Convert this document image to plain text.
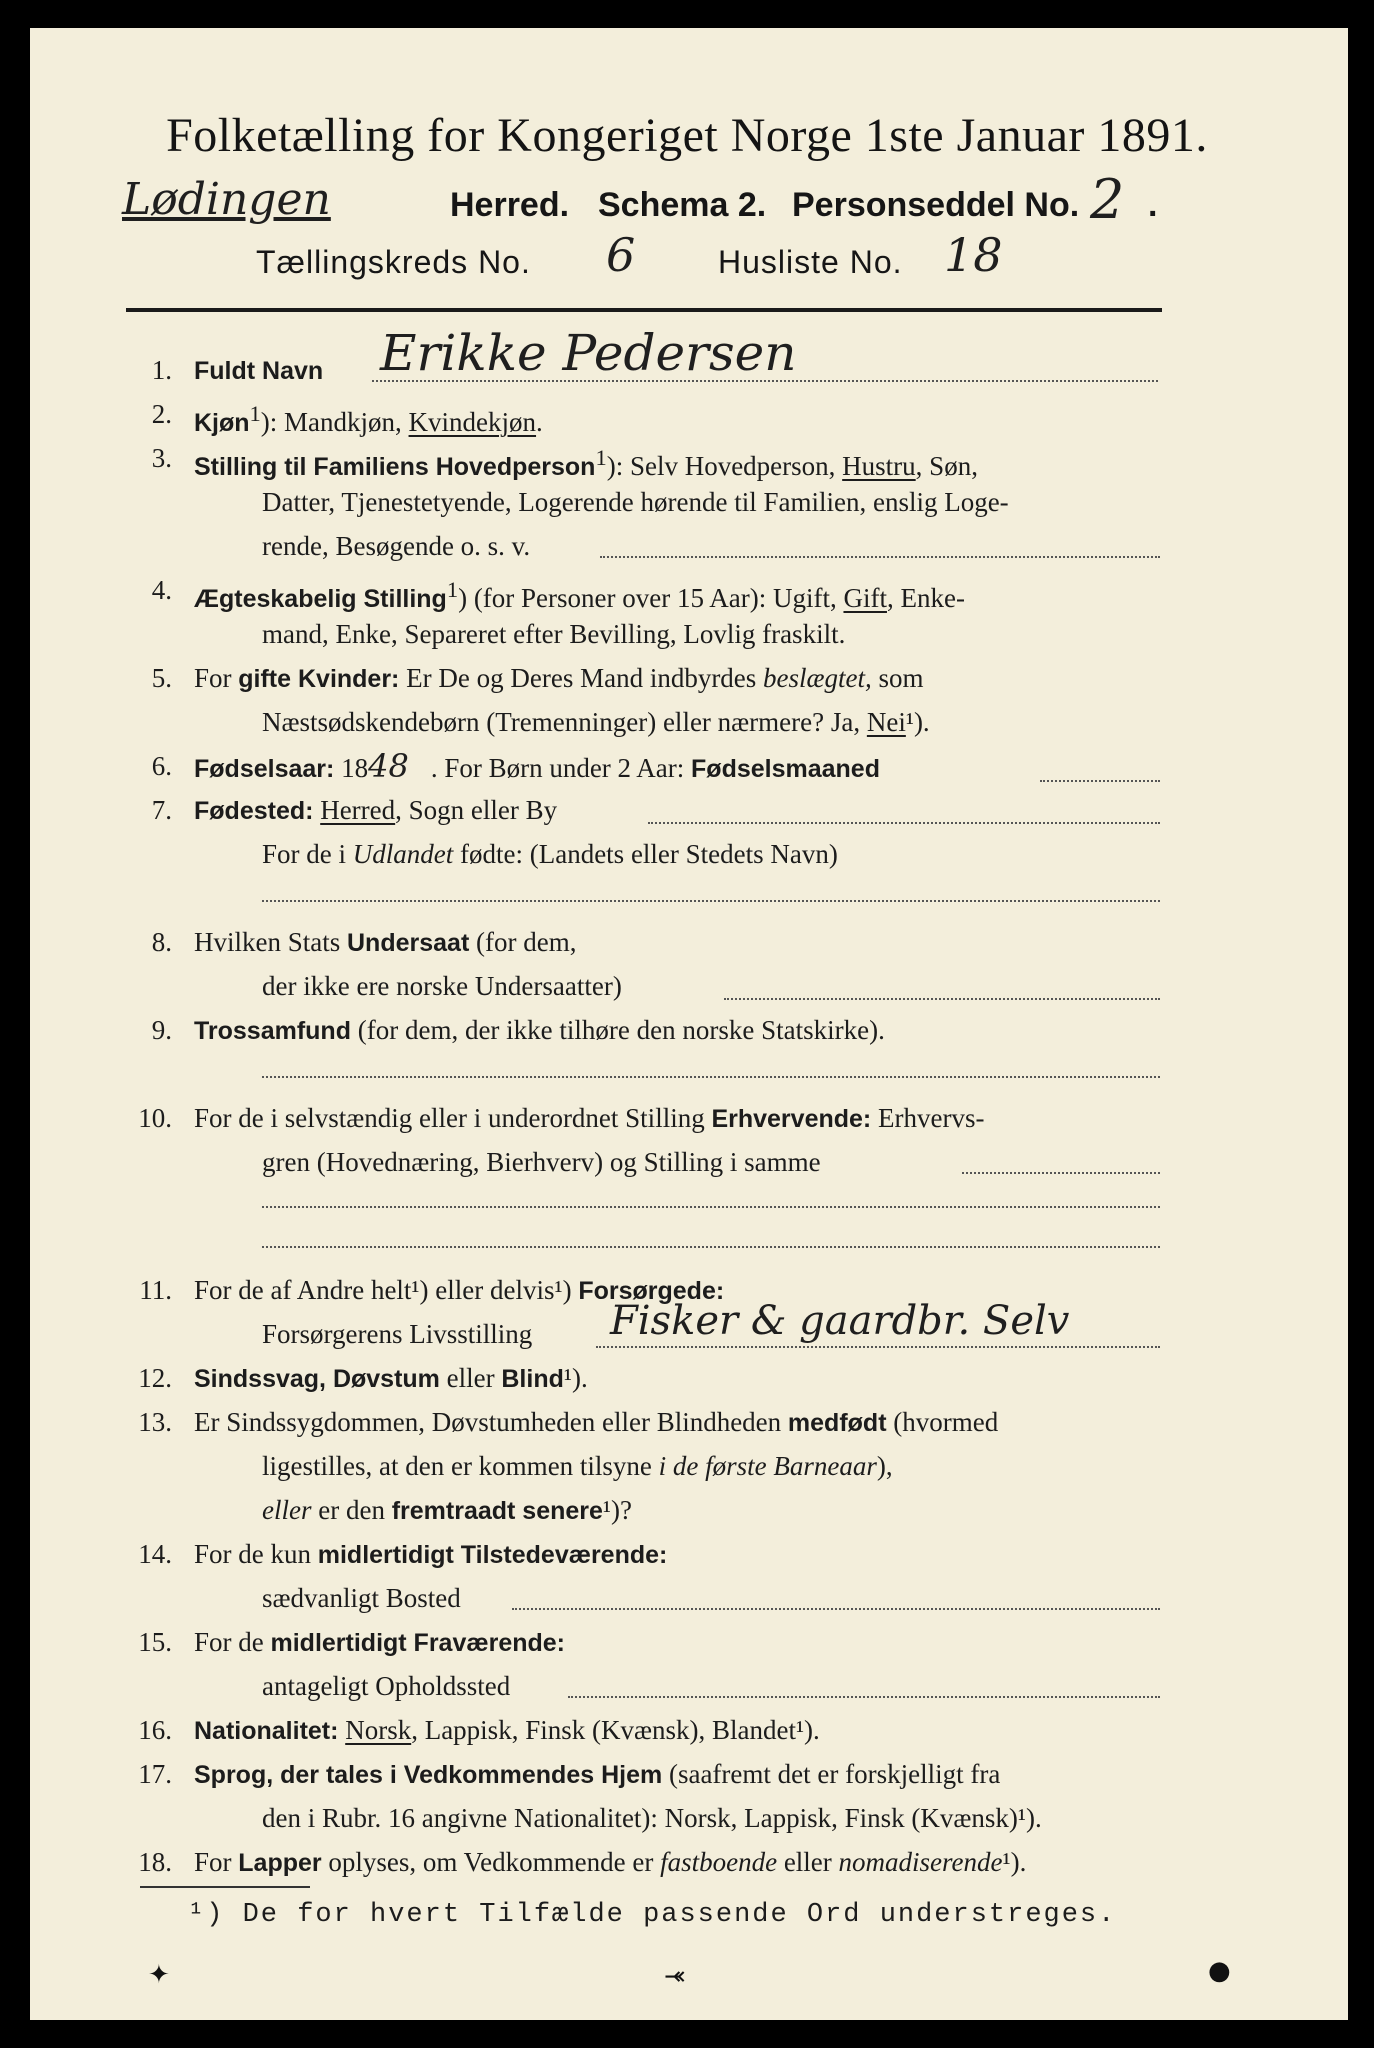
Folketælling for Kongeriget Norge 1ste Januar 1891.
Lødingen	Herred. Schema 2. Personseddel No. 2 .
Tællingskreds No. 6	Husliste No. 18
1. Fuldt Navn Erikke Pedersen
2. Kjøn$^1$): Mandkjøn, Kvindekjøn.
3. Stilling til Familiens Hovedperson$^1$): Selv Hovedperson, Hustru, Søn,
Datter, Tjenestetyende, Logerende hørende til Familien, enslig Loge-
rende, Besøgende o. s. v.
4. Ægteskabelig Stilling$^1$) (for Personer over 15 Aar): Ugift, Gift, Enke-
mand, Enke, Separeret efter Bevilling, Lovlig fraskilt.
5. For gifte Kvinder: Er De og Deres Mand indbyrdes beslægtet, som
Næstsødskendebørn (Tremenninger) eller nærmere? Ja, Nei¹).
6. Fødselsaar: 1848 . For Børn under 2 Aar: Fødselsmaaned
7. Fødested: Herred, Sogn eller By
For de i Udlandet fødte: (Landets eller Stedets Navn)
8. Hvilken Stats Undersaat (for dem,
der ikke ere norske Undersaatter)
9. Trossamfund (for dem, der ikke tilhøre den norske Statskirke).
10. For de i selvstændig eller i underordnet Stilling Erhvervende: Erhvervs-
gren (Hovednæring, Bierhverv) og Stilling i samme
11. For de af Andre helt¹) eller delvis¹) Forsørgede:
Forsørgerens Livsstilling Fisker & gaardbr. Selv
12. Sindssvag, Døvstum eller Blind¹).
13. Er Sindssygdommen, Døvstumheden eller Blindheden medfødt (hvormed
ligestilles, at den er kommen tilsyne i de første Barneaar),
eller er den fremtraadt senere¹)?
14. For de kun midlertidigt Tilstedeværende:
sædvanligt Bosted
15. For de midlertidigt Fraværende:
antageligt Opholdssted
16. Nationalitet: Norsk, Lappisk, Finsk (Kvænsk), Blandet¹).
17. Sprog, der tales i Vedkommendes Hjem (saafremt det er forskjelligt fra
den i Rubr. 16 angivne Nationalitet): Norsk, Lappisk, Finsk (Kvænsk)¹).
18. For Lapper oplyses, om Vedkommende er fastboende eller nomadiserende¹).
¹) De for hvert Tilfælde passende Ord understreges.
✦	⤛	●
